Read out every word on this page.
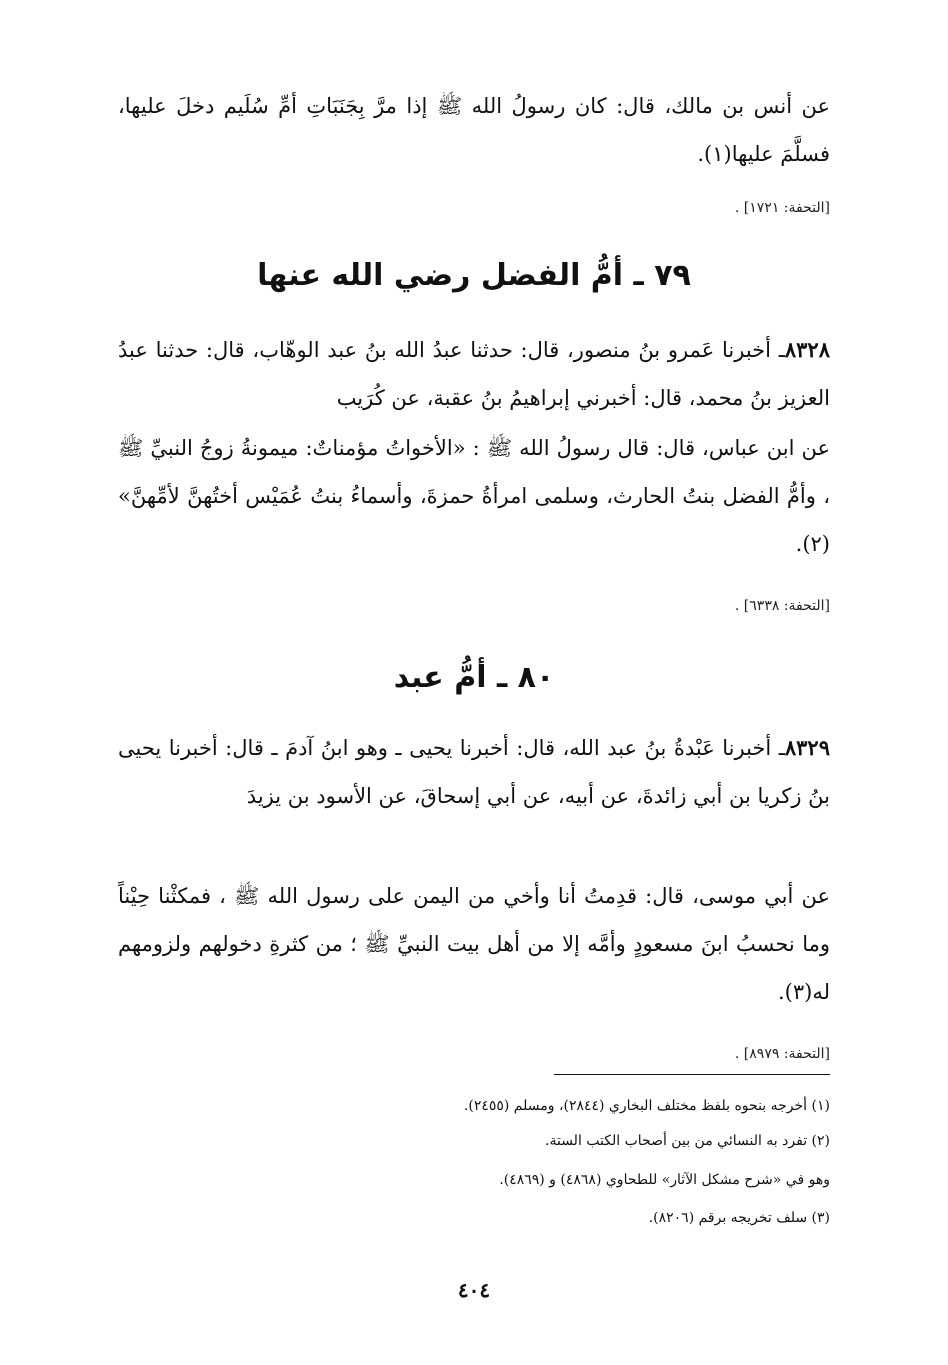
عن أنس بن مالك، قال: كان رسولُ الله ﷺ إذا مرَّ بِجَنَبَاتِ أمِّ سُلَيم دخلَ عليها، فسلَّمَ عليها(١).

[التحفة: ١٧٢١] .
٧٩ ـ أمُّ الفضل رضي الله عنها

٨٣٢٨ـ أخبرنا عَمرو بنُ منصور، قال: حدثنا عبدُ الله بنُ عبد الوهّاب، قال: حدثنا عبدُ العزيز بنُ محمد، قال: أخبرني إبراهيمُ بنُ عقبة، عن كُرَيب

عن ابن عباس، قال: قال رسولُ الله ﷺ : «الأخواتُ مؤمناتٌ: ميمونةُ زوجُ النبيِّ ﷺ ، وأمُّ الفضل بنتُ الحارث، وسلمى امرأةُ حمزةَ، وأسماءُ بنتُ عُمَيْس أختُهنَّ لأمِّهنَّ» (٢).

[التحفة: ٦٣٣٨] .
٨٠ ـ أمُّ عبد

٨٣٢٩ـ أخبرنا عَبْدةُ بنُ عبد الله، قال: أخبرنا يحيى ـ وهو ابنُ آدمَ ـ قال: أخبرنا يحيى بنُ زكريا بن أبي زائدةَ، عن أبيه، عن أبي إسحاقَ، عن الأسود بن يزيدَ

عن أبي موسى، قال: قدِمتُ أنا وأخي من اليمن على رسول الله ﷺ ، فمكثْنا حِيْناً وما نحسبُ ابنَ مسعودٍ وأمَّه إلا من أهل بيت النبيِّ ﷺ ؛ من كثرةِ دخولهم ولزومهم له(٣).

[التحفة: ٨٩٧٩] .
(١) أخرجه بنحوه بلفظ مختلف البخاري (٢٨٤٤)، ومسلم (٢٤٥٥).
(٢) تفرد به النسائي من بين أصحاب الكتب الستة.
وهو في «شرح مشكل الآثار» للطحاوي (٤٨٦٨) و (٤٨٦٩).
(٣) سلف تخريجه برقم (٨٢٠٦).
٤٠٤
